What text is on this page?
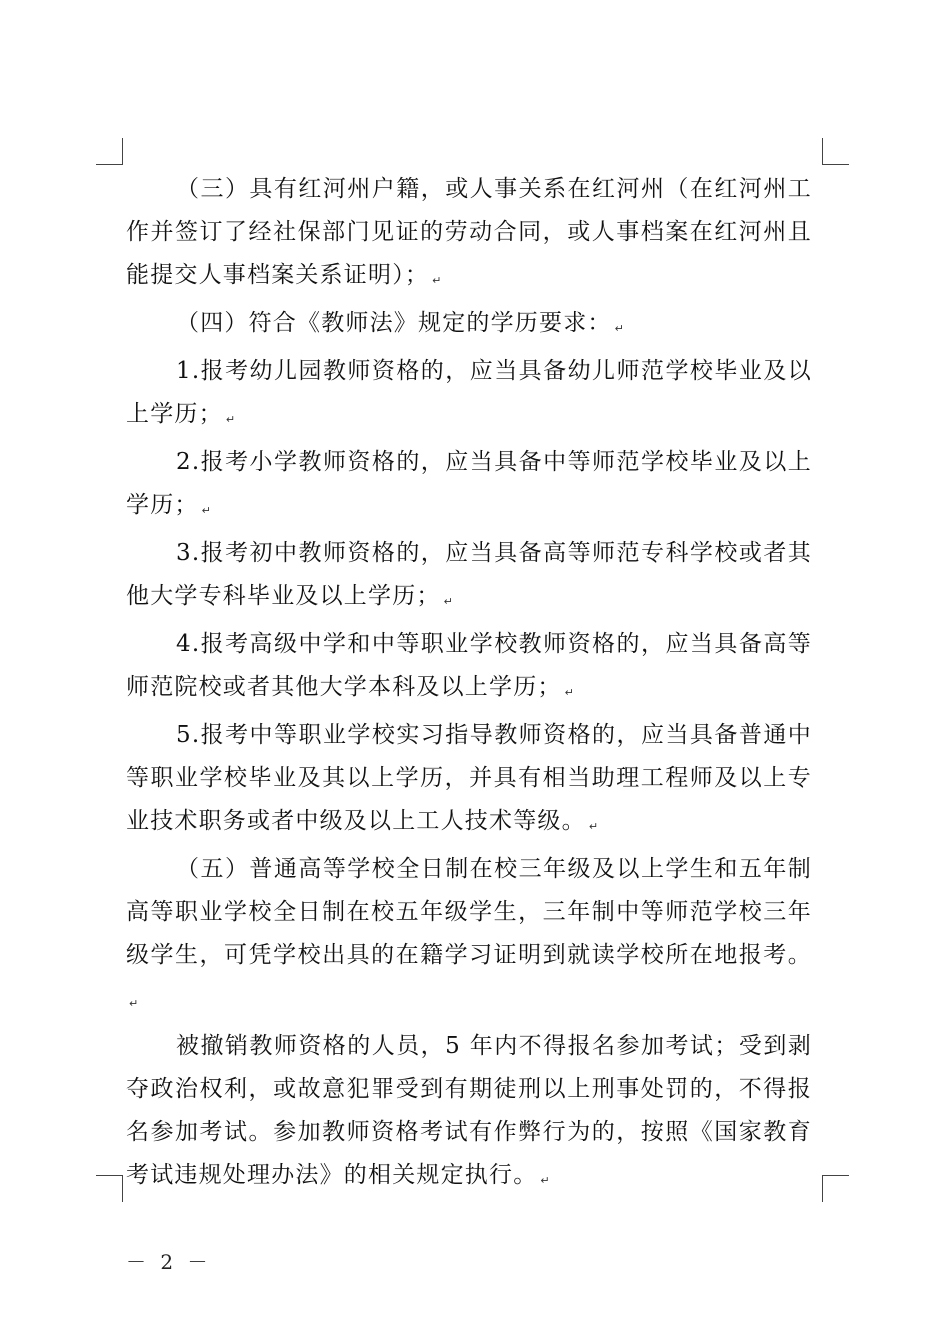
（三）具有红河州户籍，或人事关系在红河州（在红河州工作并签订了经社保部门见证的劳动合同，或人事档案在红河州且能提交人事档案关系证明）； ↵

（四）符合《教师法》规定的学历要求： ↵

1.报考幼儿园教师资格的，应当具备幼儿师范学校毕业及以上学历； ↵

2.报考小学教师资格的，应当具备中等师范学校毕业及以上学历； ↵

3.报考初中教师资格的，应当具备高等师范专科学校或者其他大学专科毕业及以上学历； ↵

4.报考高级中学和中等职业学校教师资格的，应当具备高等师范院校或者其他大学本科及以上学历； ↵

5.报考中等职业学校实习指导教师资格的，应当具备普通中等职业学校毕业及其以上学历，并具有相当助理工程师及以上专业技术职务或者中级及以上工人技术等级。 ↵

（五）普通高等学校全日制在校三年级及以上学生和五年制高等职业学校全日制在校五年级学生，三年制中等师范学校三年级学生，可凭学校出具的在籍学习证明到就读学校所在地报考。↵

被撤销教师资格的人员，5 年内不得报名参加考试；受到剥夺政治权利，或故意犯罪受到有期徒刑以上刑事处罚的，不得报名参加考试。参加教师资格考试有作弊行为的，按照《国家教育考试违规处理办法》的相关规定执行。 ↵

－ 2 －
